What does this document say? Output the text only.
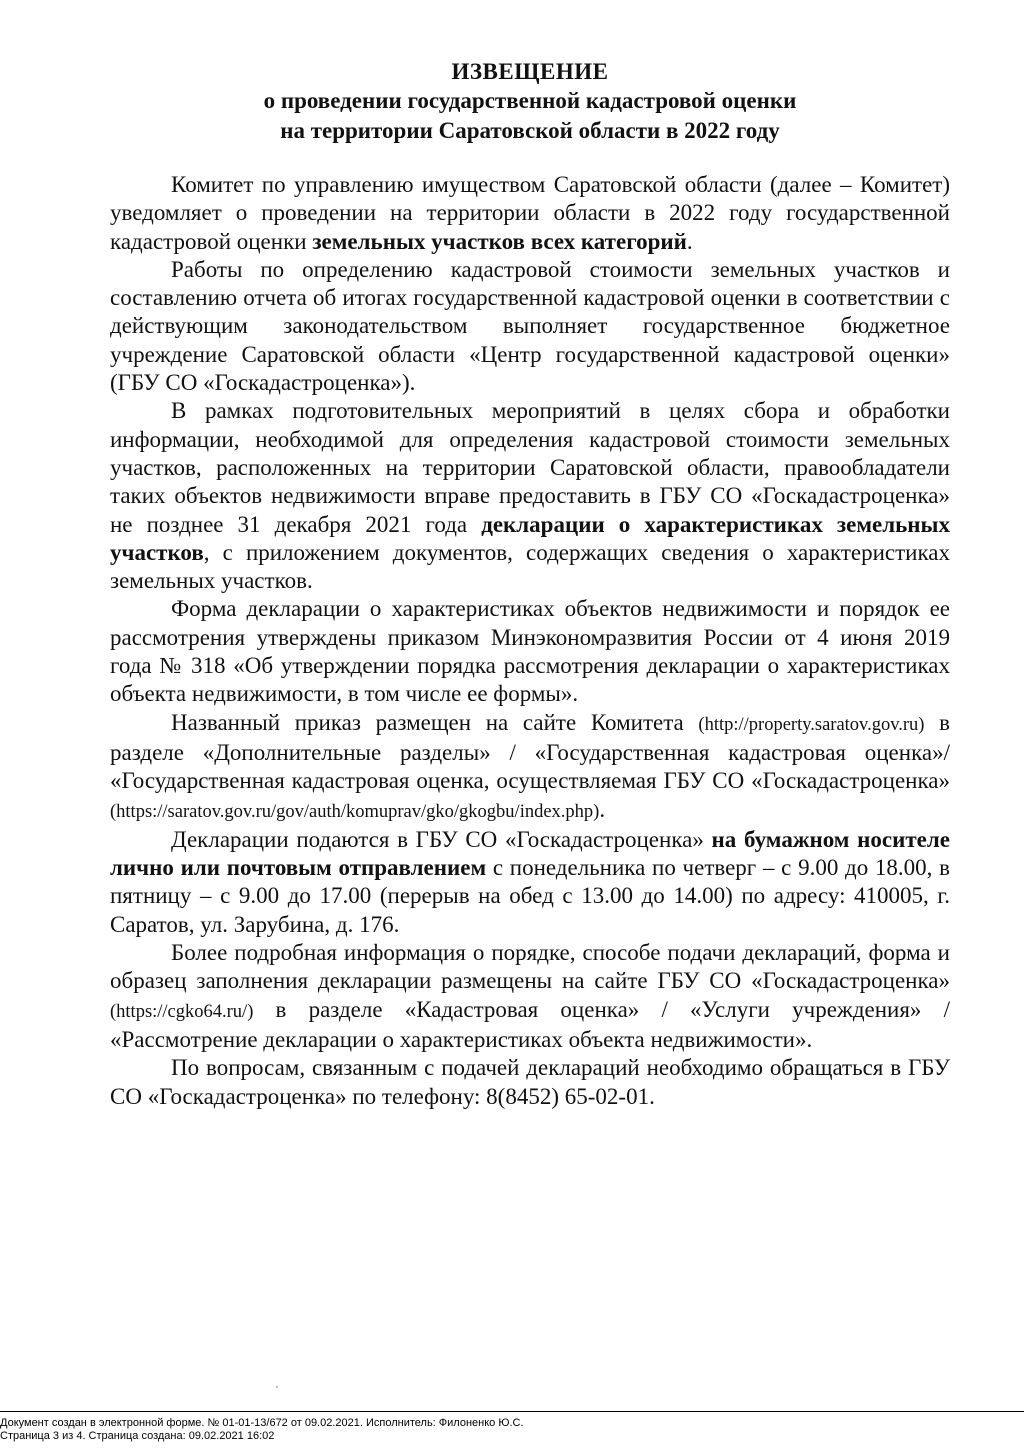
ИЗВЕЩЕНИЕ
о проведении государственной кадастровой оценки
на территории Саратовской области в 2022 году

Комитет по управлению имуществом Саратовской области (далее – Комитет) уведомляет о проведении на территории области в 2022 году государственной кадастровой оценки земельных участков всех категорий.

Работы по определению кадастровой стоимости земельных участков и составлению отчета об итогах государственной кадастровой оценки в соответствии с действующим законодательством выполняет государственное бюджетное учреждение Саратовской области «Центр государственной кадастровой оценки» (ГБУ СО «Госкадастроценка»).

В рамках подготовительных мероприятий в целях сбора и обработки информации, необходимой для определения кадастровой стоимости земельных участков, расположенных на территории Саратовской области, правообладатели таких объектов недвижимости вправе предоставить в ГБУ СО «Госкадастроценка» не позднее 31 декабря 2021 года декларации о характеристиках земельных участков, с приложением документов, содержащих сведения о характеристиках земельных участков.

Форма декларации о характеристиках объектов недвижимости и порядок ее рассмотрения утверждены приказом Минэкономразвития России от 4 июня 2019 года № 318 «Об утверждении порядка рассмотрения декларации о характеристиках объекта недвижимости, в том числе ее формы».

Названный приказ размещен на сайте Комитета (http://property.saratov.gov.ru) в разделе «Дополнительные разделы» / «Государственная кадастровая оценка»/ «Государственная кадастровая оценка, осуществляемая ГБУ СО «Госкадастроценка» (https://saratov.gov.ru/gov/auth/komuprav/gko/gkogbu/index.php).

Декларации подаются в ГБУ СО «Госкадастроценка» на бумажном носителе лично или почтовым отправлением с понедельника по четверг – с 9.00 до 18.00, в пятницу – с 9.00 до 17.00 (перерыв на обед с 13.00 до 14.00) по адресу: 410005, г. Саратов, ул. Зарубина, д. 176.

Более подробная информация о порядке, способе подачи деклараций, форма и образец заполнения декларации размещены на сайте ГБУ СО «Госкадастроценка» (https://cgko64.ru/) в разделе «Кадастровая оценка» / «Услуги учреждения» / «Рассмотрение декларации о характеристиках объекта недвижимости».

По вопросам, связанным с подачей деклараций необходимо обращаться в ГБУ СО «Госкадастроценка» по телефону: 8(8452) 65-02-01.

Документ создан в электронной форме. № 01-01-13/672 от 09.02.2021. Исполнитель: Филоненко Ю.С.
Страница 3 из 4. Страница создана: 09.02.2021 16:02
